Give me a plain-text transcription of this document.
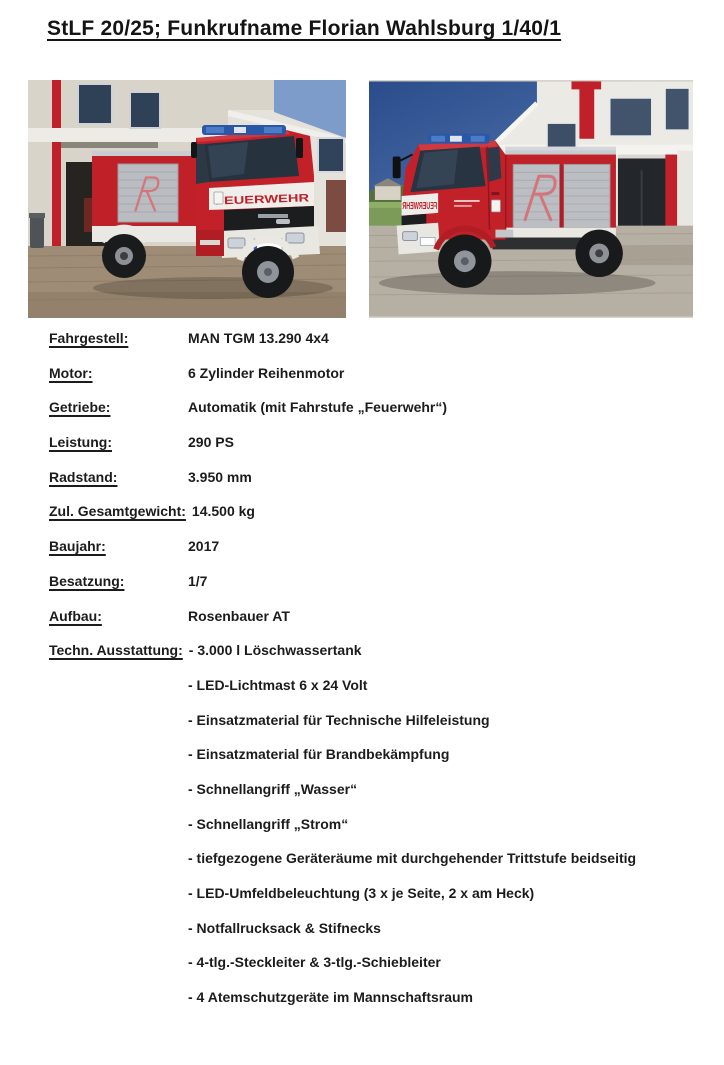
StLF 20/25; Funkrufname Florian Wahlsburg 1/40/1
FEUERWEHR	FEUERWEHR
Fahrgestell:	MAN TGM 13.290 4x4
Motor:	6 Zylinder Reihenmotor
Getriebe:	Automatik (mit Fahrstufe „Feuerwehr“)
Leistung:	290 PS
Radstand:	3.950 mm
Zul. Gesamtgewicht: 14.500 kg
Baujahr:	2017
Besatzung:	1/7
Aufbau:	Rosenbauer AT
Techn. Ausstattung: - 3.000 l Löschwassertank
- LED-Lichtmast 6 x 24 Volt
- Einsatzmaterial für Technische Hilfeleistung
- Einsatzmaterial für Brandbekämpfung
- Schnellangriff „Wasser“
- Schnellangriff „Strom“
- tiefgezogene Geräteräume mit durchgehender Trittstufe beidseitig
- LED-Umfeldbeleuchtung (3 x je Seite, 2 x am Heck)
- Notfallrucksack & Stifnecks
- 4-tlg.-Steckleiter & 3-tlg.-Schiebleiter
- 4 Atemschutzgeräte im Mannschaftsraum
